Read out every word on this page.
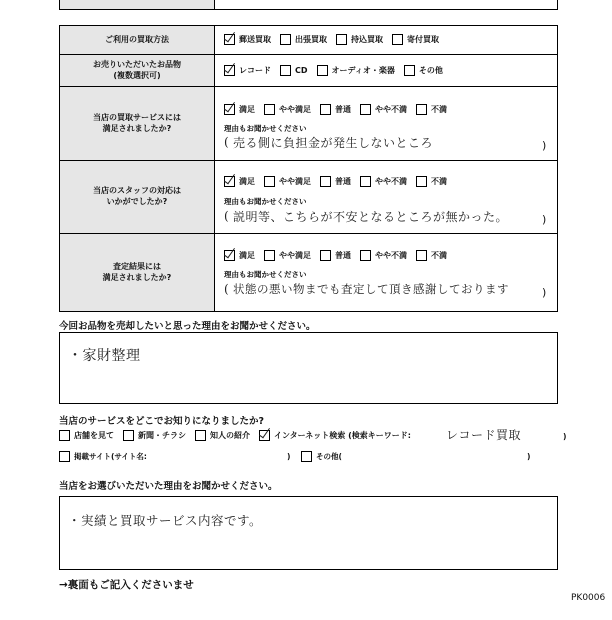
ご利用の買取方法	郵送買取	出張買取	持込買取	寄付買取
お売りいただいたお品物
(複数選択可)	レコード	CD	オーディオ・楽器	その他
当店の買取サービスには
満足されましたか?
満足	やや満足	普通	やや不満	不満
理由もお聞かせください
( 売る側に負担金が発生しないところ	)
当店のスタッフの対応は
いかがでしたか?
満足	やや満足	普通	やや不満	不満
理由もお聞かせください
( 説明等、こちらが不安となるところが無かった。	)
査定結果には
満足されましたか?
満足	やや満足	普通	やや不満	不満
理由もお聞かせください
( 状態の悪い物までも査定して頂き感謝しております	)
今回お品物を売却したいと思った理由をお聞かせください。
・家財整理
当店のサービスをどこでお知りになりましたか?
店舗を見て	新聞・チラシ	知人の紹介	インターネット検索 (検索キーワード:	レコード買取	)
掲載サイト(サイト名:	)	その他(	)
当店をお選びいただいた理由をお聞かせください。
・実績と買取サービス内容です。
→裏面もご記入くださいませ
PK0006
